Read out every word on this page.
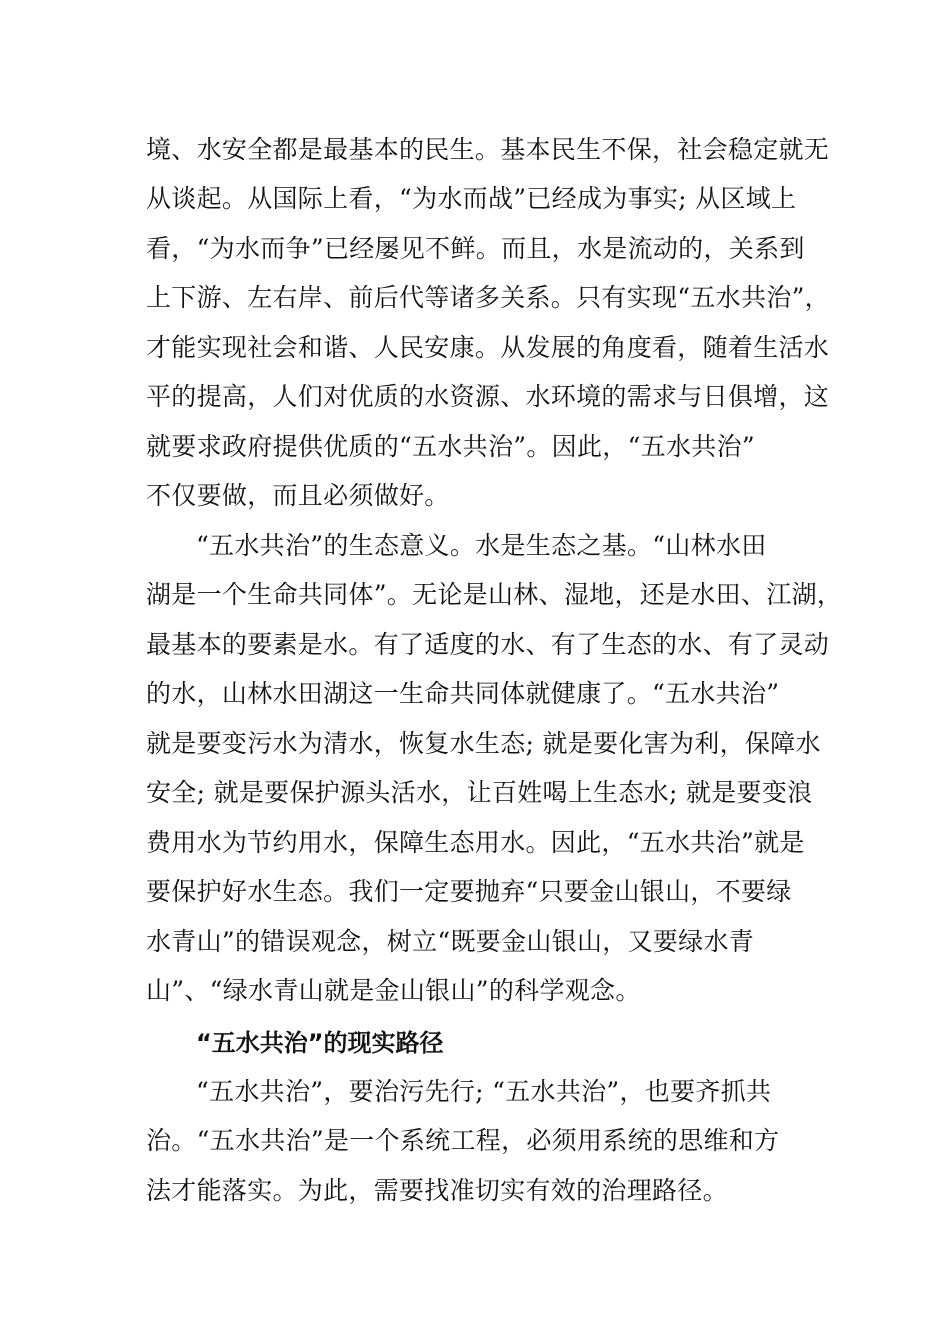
境、水安全都是最基本的民生。基本民生不保，社会稳定就无
从谈起。从国际上看，“为水而战”已经成为事实; 从区域上
看，“为水而争”已经屡见不鲜。而且，水是流动的，关系到
上下游、左右岸、前后代等诸多关系。只有实现“五水共治”，
才能实现社会和谐、人民安康。从发展的角度看，随着生活水
平的提高，人们对优质的水资源、水环境的需求与日俱增，这
就要求政府提供优质的“五水共治”。因此，“五水共治”
不仅要做，而且必须做好。
“五水共治”的生态意义。水是生态之基。“山林水田
湖是一个生命共同体”。无论是山林、湿地，还是水田、江湖，
最基本的要素是水。有了适度的水、有了生态的水、有了灵动
的水，山林水田湖这一生命共同体就健康了。“五水共治”
就是要变污水为清水，恢复水生态; 就是要化害为利，保障水
安全; 就是要保护源头活水，让百姓喝上生态水; 就是要变浪
费用水为节约用水，保障生态用水。因此，“五水共治”就是
要保护好水生态。我们一定要抛弃“只要金山银山，不要绿
水青山”的错误观念，树立“既要金山银山，又要绿水青
山”、“绿水青山就是金山银山”的科学观念。
“五水共治”的现实路径
“五水共治”，要治污先行; “五水共治”，也要齐抓共
治。“五水共治”是一个系统工程，必须用系统的思维和方
法才能落实。为此，需要找准切实有效的治理路径。
